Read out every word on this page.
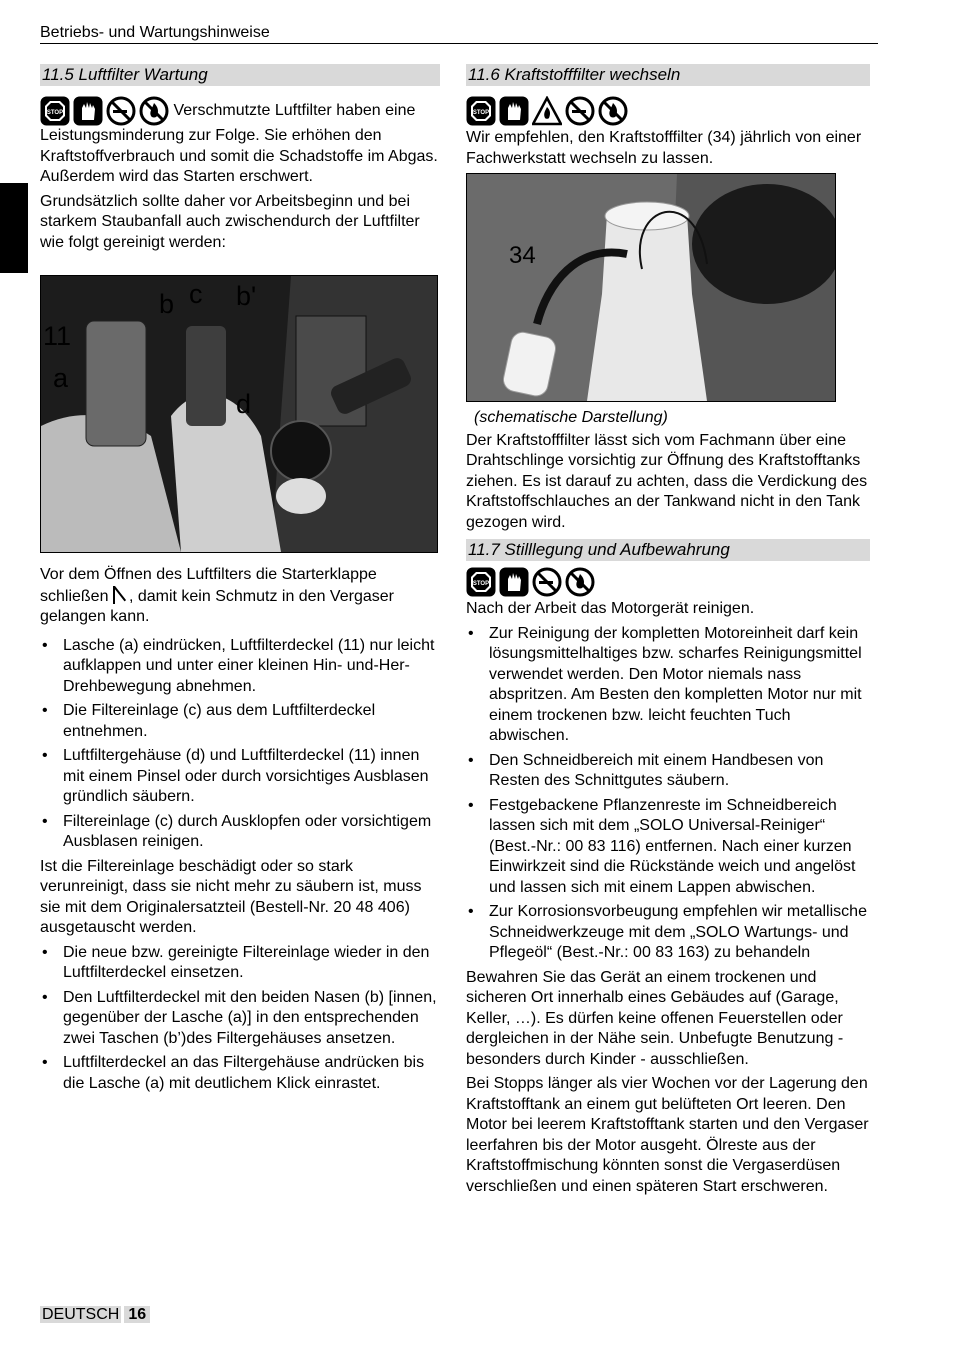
Betriebs- und Wartungshinweise
11.5 Luftfilter Wartung

STOP	Verschmutzte Luftfilter haben eine Leistungsminderung zur Folge. Sie erhöhen den Kraftstoffverbrauch und somit die Schadstoffe im Abgas. Außerdem wird das Starten erschwert.

Grundsätzlich sollte daher vor Arbeitsbeginn und bei starkem Staubanfall auch zwischendurch der Luftfilter wie folgt gereinigt werden:

11
a
b c b'
d

Vor dem Öffnen des Luftfilters die Starterklappe schließen , damit kein Schmutz in den Vergaser gelangen kann.

• Lasche (a) eindrücken, Luftfilterdeckel (11) nur leicht aufklappen und unter einer kleinen Hin- und-Her-Drehbewegung abnehmen.
• Die Filtereinlage (c) aus dem Luftfilterdeckel entnehmen.
• Luftfiltergehäuse (d) und Luftfilterdeckel (11) innen mit einem Pinsel oder durch vorsichtiges Ausblasen gründlich säubern.
• Filtereinlage (c) durch Ausklopfen oder vorsichtigem Ausblasen reinigen.

Ist die Filtereinlage beschädigt oder so stark verunreinigt, dass sie nicht mehr zu säubern ist, muss sie mit dem Originalersatzteil (Bestell-Nr. 20 48 406) ausgetauscht werden.

• Die neue bzw. gereinigte Filtereinlage wieder in den Luftfilterdeckel einsetzen.
• Den Luftfilterdeckel mit den beiden Nasen (b) [innen, gegenüber der Lasche (a)] in den entsprechenden zwei Taschen (b’)des Filtergehäuses ansetzen.
• Luftfilterdeckel an das Filtergehäuse andrücken bis die Lasche (a) mit deutlichem Klick einrastet.
11.6 Kraftstofffilter wechseln
STOP

Wir empfehlen, den Kraftstofffilter (34) jährlich von einer Fachwerkstatt wechseln zu lassen.

34

(schematische Darstellung)

Der Kraftstofffilter lässt sich vom Fachmann über eine Drahtschlinge vorsichtig zur Öffnung des Kraftstofftanks ziehen. Es ist darauf zu achten, dass die Verdickung des Kraftstoffschlauches an der Tankwand nicht in den Tank gezogen wird.

11.7 Stilllegung und Aufbewahrung
STOP

Nach der Arbeit das Motorgerät reinigen.

• Zur Reinigung der kompletten Motoreinheit darf kein lösungsmittelhaltiges bzw. scharfes Reinigungsmittel verwendet werden. Den Motor niemals nass abspritzen. Am Besten den kompletten Motor nur mit einem trockenen bzw. leicht feuchten Tuch abwischen.
• Den Schneidbereich mit einem Handbesen von Resten des Schnittgutes säubern.
• Festgebackene Pflanzenreste im Schneidbereich lassen sich mit dem „SOLO Universal-Reiniger“ (Best.-Nr.: 00 83 116) entfernen. Nach einer kurzen Einwirkzeit sind die Rückstände weich und angelöst und lassen sich mit einem Lappen abwischen.
• Zur Korrosionsvorbeugung empfehlen wir metallische Schneidwerkzeuge mit dem „SOLO Wartungs- und Pflegeöl“ (Best.-Nr.: 00 83 163) zu behandeln

Bewahren Sie das Gerät an einem trockenen und sicheren Ort innerhalb eines Gebäudes auf (Garage, Keller, …). Es dürfen keine offenen Feuerstellen oder dergleichen in der Nähe sein. Unbefugte Benutzung - besonders durch Kinder - ausschließen.

Bei Stopps länger als vier Wochen vor der Lagerung den Kraftstofftank an einem gut belüfteten Ort leeren. Den Motor bei leerem Kraftstofftank starten und den Vergaser leerfahren bis der Motor ausgeht. Ölreste aus der Kraftstoffmischung könnten sonst die Vergaserdüsen verschließen und einen späteren Start erschweren.

DEUTSCH 16
